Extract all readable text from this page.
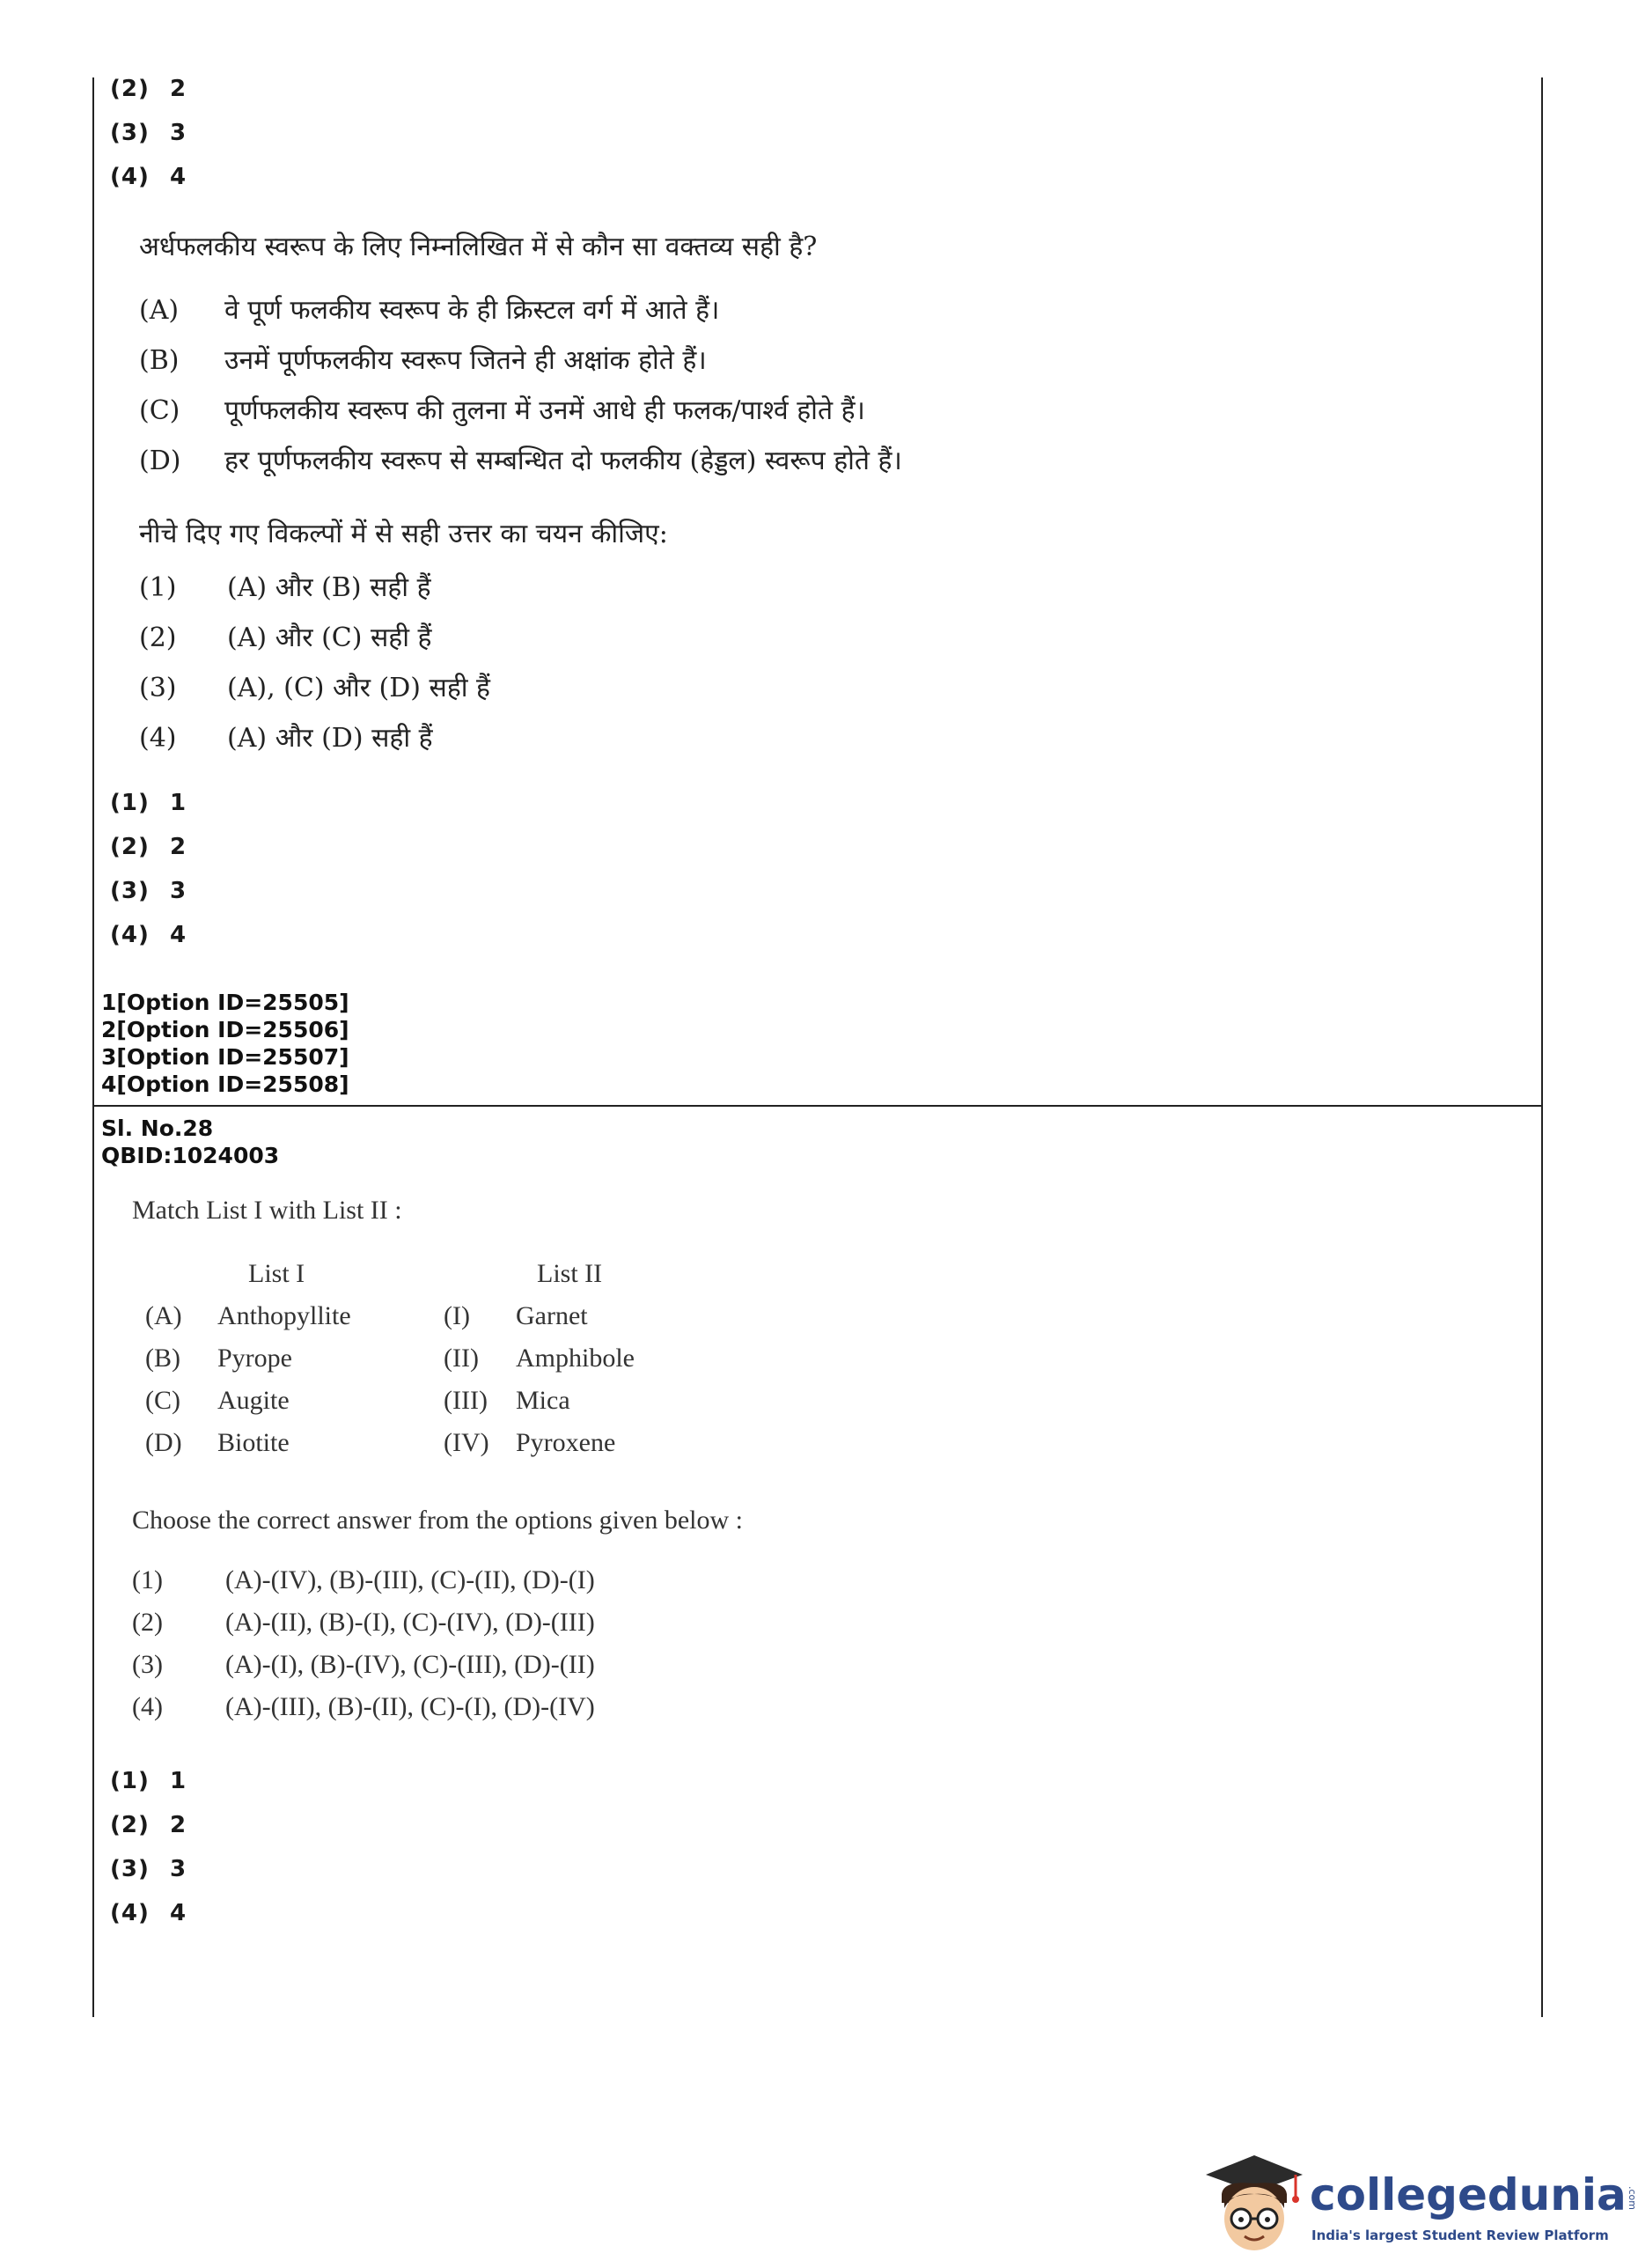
(2) 2
(3) 3
(4) 4
अर्धफलकीय स्वरूप के लिए निम्नलिखित में से कौन सा वक्तव्य सही है?
(A) वे पूर्ण फलकीय स्वरूप के ही क्रिस्टल वर्ग में आते हैं।
(B) उनमें पूर्णफलकीय स्वरूप जितने ही अक्षांक होते हैं।
(C) पूर्णफलकीय स्वरूप की तुलना में उनमें आधे ही फलक/पार्श्व होते हैं।
(D) हर पूर्णफलकीय स्वरूप से सम्बन्धित दो फलकीय (हेड्डल) स्वरूप होते हैं।
नीचे दिए गए विकल्पों में से सही उत्तर का चयन कीजिए:
(1) (A) और (B) सही हैं
(2) (A) और (C) सही हैं
(3) (A), (C) और (D) सही हैं
(4) (A) और (D) सही हैं
(1) 1
(2) 2
(3) 3
(4) 4
1[Option ID=25505]
2[Option ID=25506]
3[Option ID=25507]
4[Option ID=25508]
Sl. No.28
QBID:1024003
Match List I with List II :
List I	List II
(A) Anthopyllite	(I) Garnet
(B) Pyrope	(II) Amphibole
(C) Augite	(III) Mica
(D) Biotite	(IV) Pyroxene
Choose the correct answer from the options given below :
(1) (A)-(IV), (B)-(III), (C)-(II), (D)-(I)
(2) (A)-(II), (B)-(I), (C)-(IV), (D)-(III)
(3) (A)-(I), (B)-(IV), (C)-(III), (D)-(II)
(4) (A)-(III), (B)-(II), (C)-(I), (D)-(IV)
(1) 1
(2) 2
(3) 3
(4) 4
collegedunia.com
India's largest Student Review Platform
